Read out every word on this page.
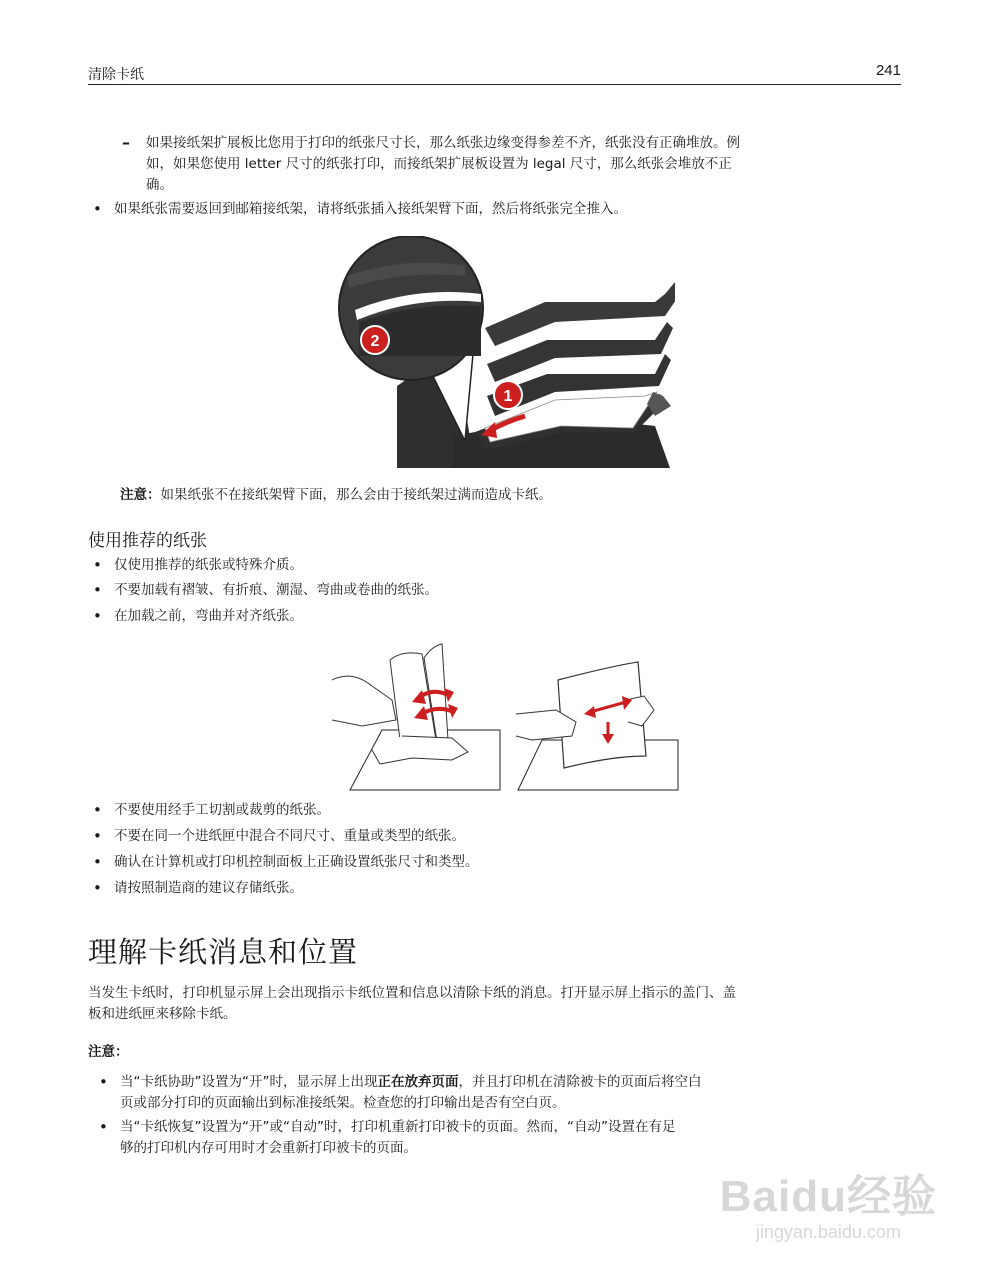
清除卡纸	241
– 如果接纸架扩展板比您用于打印的纸张尺寸长，那么纸张边缘变得参差不齐，纸张没有正确堆放。例
如，如果您使用 letter 尺寸的纸张打印，而接纸架扩展板设置为 legal 尺寸，那么纸张会堆放不正
确。
• 如果纸张需要返回到邮箱接纸架，请将纸张插入接纸架臂下面，然后将纸张完全推入。
1
2
注意：如果纸张不在接纸架臂下面，那么会由于接纸架过满而造成卡纸。
使用推荐的纸张
• 仅使用推荐的纸张或特殊介质。
• 不要加载有褶皱、有折痕、潮湿、弯曲或卷曲的纸张。
• 在加载之前，弯曲并对齐纸张。
• 不要使用经手工切割或裁剪的纸张。
• 不要在同一个进纸匣中混合不同尺寸、重量或类型的纸张。
• 确认在计算机或打印机控制面板上正确设置纸张尺寸和类型。
• 请按照制造商的建议存储纸张。
理解卡纸消息和位置
当发生卡纸时，打印机显示屏上会出现指示卡纸位置和信息以清除卡纸的消息。打开显示屏上指示的盖门、盖
板和进纸匣来移除卡纸。
注意：
• 当“卡纸协助”设置为“开”时，显示屏上出现正在放弃页面，并且打印机在清除被卡的页面后将空白
页或部分打印的页面输出到标准接纸架。检查您的打印输出是否有空白页。
• 当“卡纸恢复”设置为“开”或“自动”时，打印机重新打印被卡的页面。然而，“自动”设置在有足
够的打印机内存可用时才会重新打印被卡的页面。
Baidu经验
jingyan.baidu.com
